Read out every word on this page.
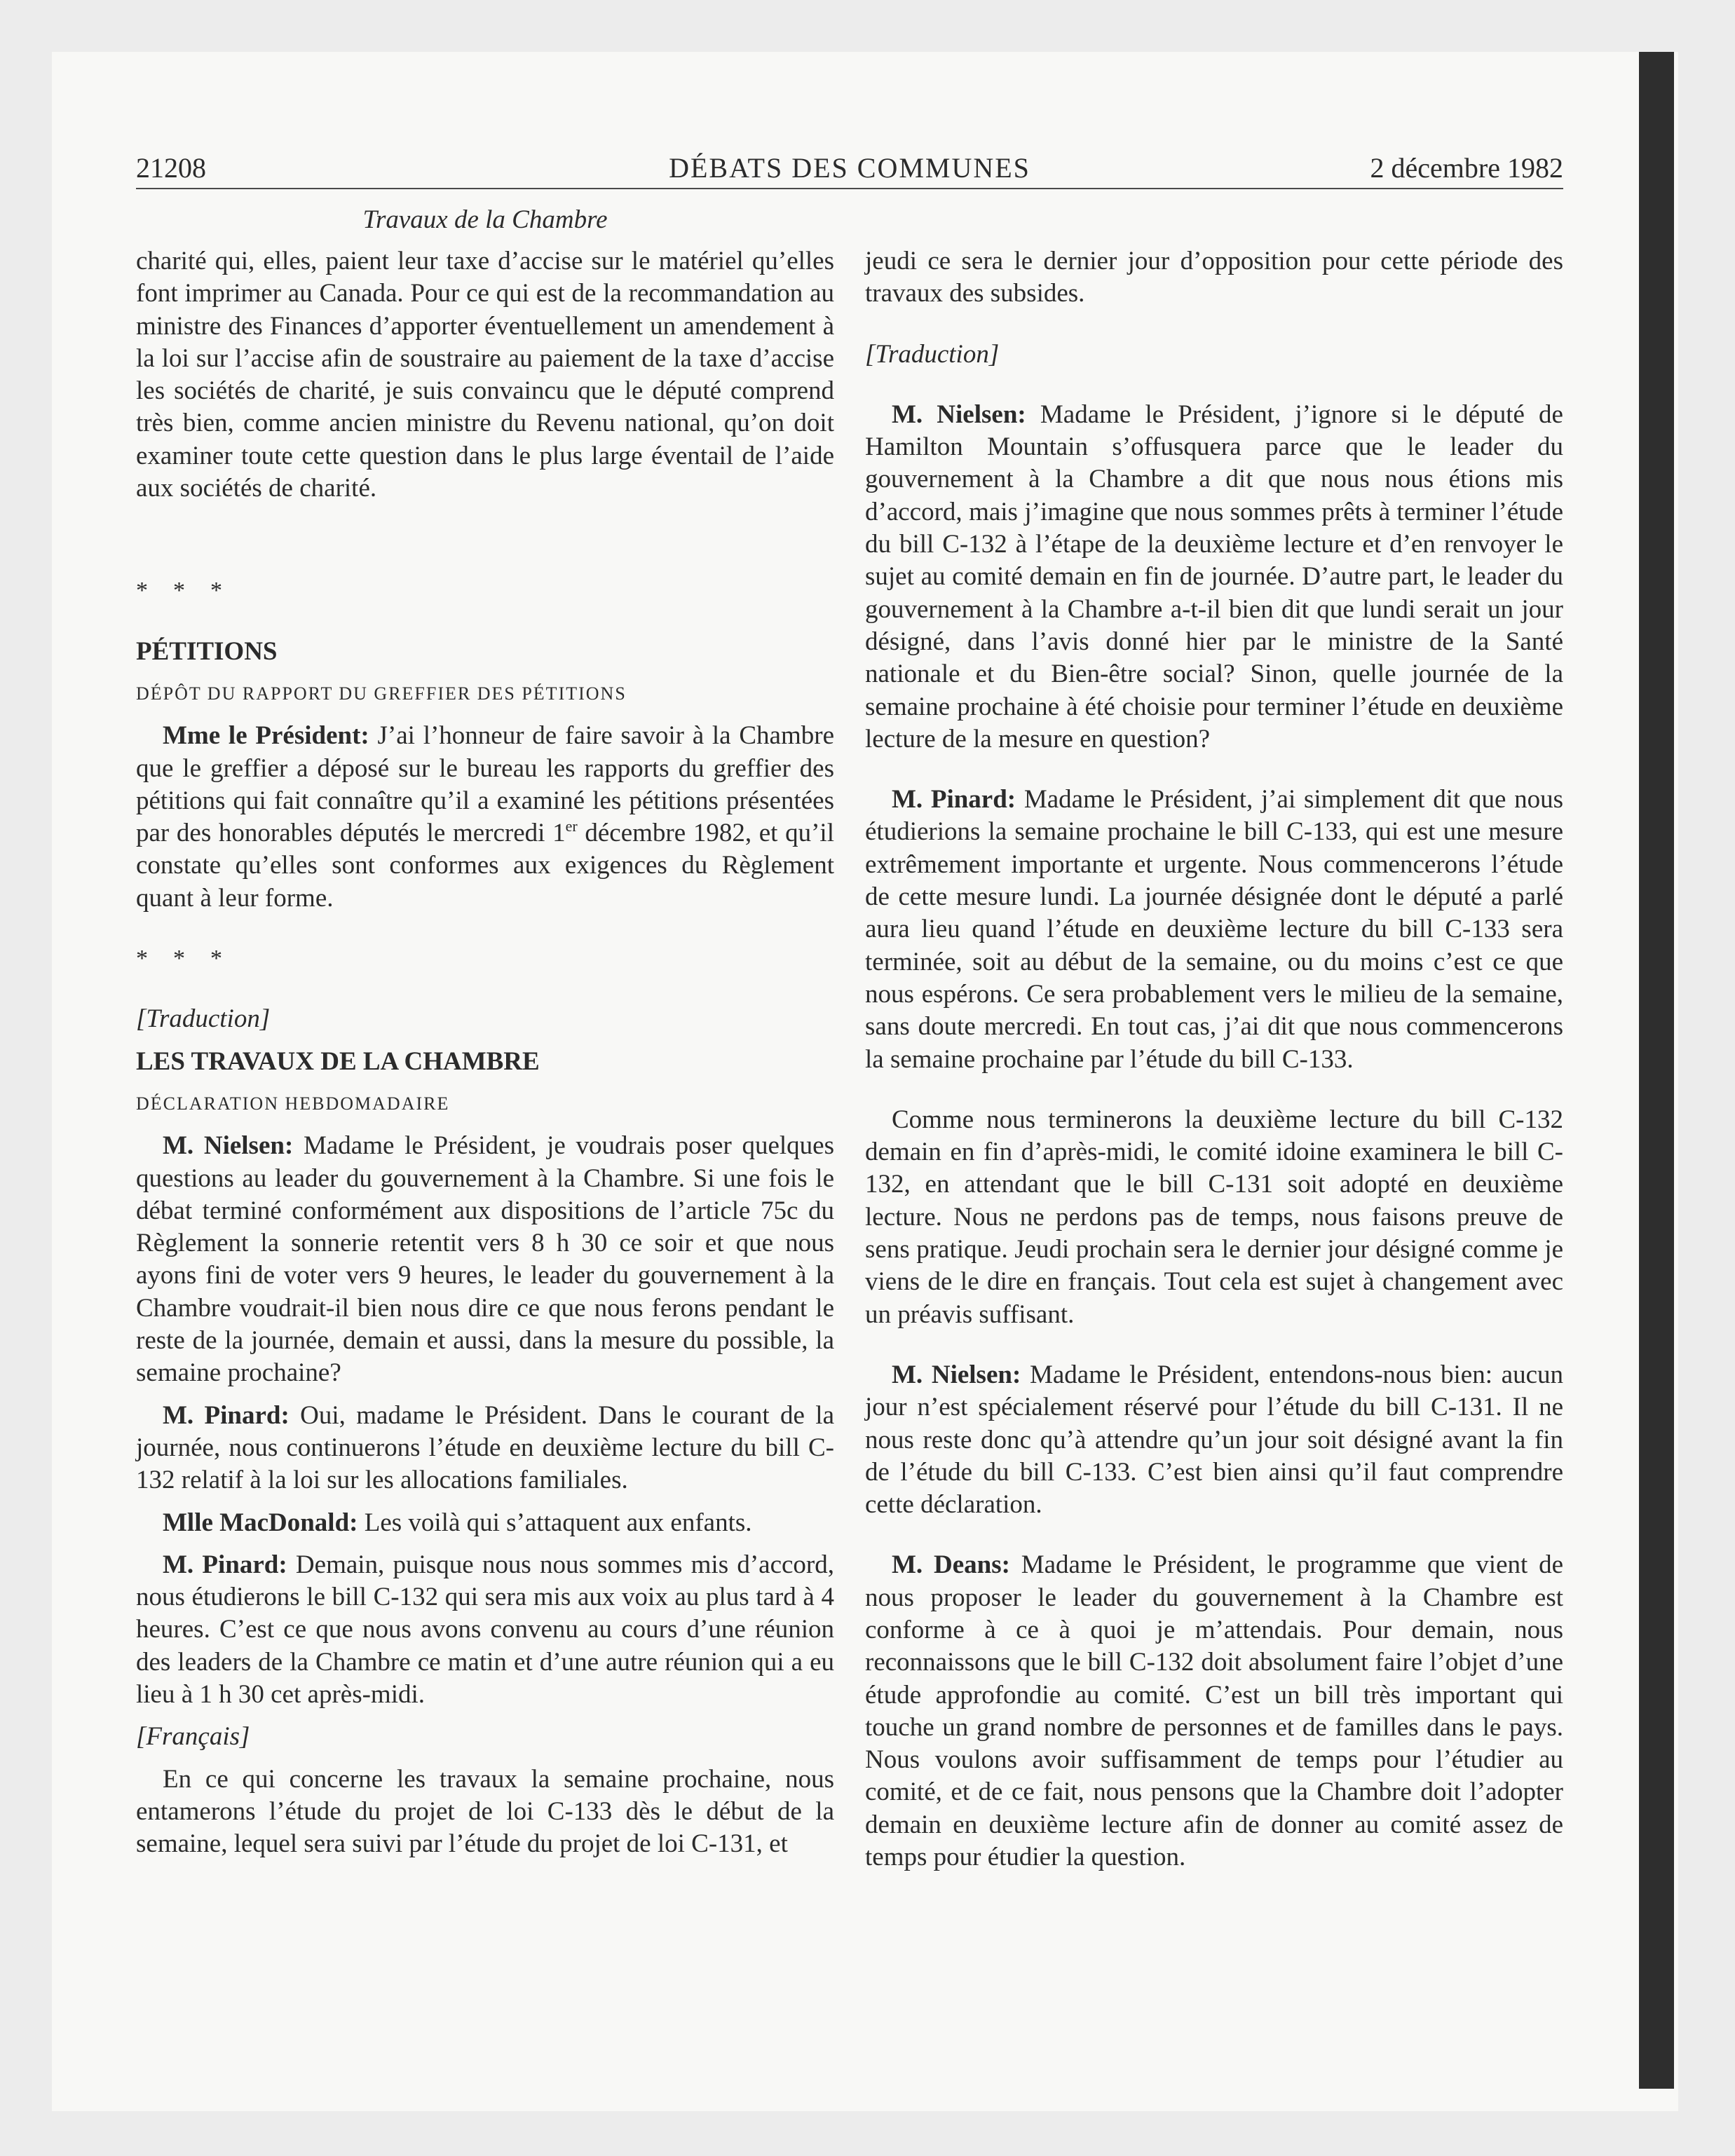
21208	DÉBATS DES COMMUNES	2 décembre 1982
Travaux de la Chambre

charité qui, elles, paient leur taxe d’accise sur le matériel qu’elles font imprimer au Canada. Pour ce qui est de la recommandation au ministre des Finances d’apporter éventuellement un amendement à la loi sur l’accise afin de soustraire au paiement de la taxe d’accise les sociétés de charité, je suis convaincu que le député comprend très bien, comme ancien ministre du Revenu national, qu’on doit examiner toute cette question dans le plus large éventail de l’aide aux sociétés de charité.

***

PÉTITIONS

DÉPÔT DU RAPPORT DU GREFFIER DES PÉTITIONS

Mme le Président: J’ai l’honneur de faire savoir à la Chambre que le greffier a déposé sur le bureau les rapports du greffier des pétitions qui fait connaître qu’il a examiné les pétitions présentées par des honorables députés le mercredi 1er décembre 1982, et qu’il constate qu’elles sont conformes aux exigences du Règlement quant à leur forme.

***

[Traduction]

LES TRAVAUX DE LA CHAMBRE

DÉCLARATION HEBDOMADAIRE

M. Nielsen: Madame le Président, je voudrais poser quelques questions au leader du gouvernement à la Chambre. Si une fois le débat terminé conformément aux dispositions de l’article 75c du Règlement la sonnerie retentit vers 8 h 30 ce soir et que nous ayons fini de voter vers 9 heures, le leader du gouvernement à la Chambre voudrait-il bien nous dire ce que nous ferons pendant le reste de la journée, demain et aussi, dans la mesure du possible, la semaine prochaine?

M. Pinard: Oui, madame le Président. Dans le courant de la journée, nous continuerons l’étude en deuxième lecture du bill C-132 relatif à la loi sur les allocations familiales.

Mlle MacDonald: Les voilà qui s’attaquent aux enfants.

M. Pinard: Demain, puisque nous nous sommes mis d’accord, nous étudierons le bill C-132 qui sera mis aux voix au plus tard à 4 heures. C’est ce que nous avons convenu au cours d’une réunion des leaders de la Chambre ce matin et d’une autre réunion qui a eu lieu à 1 h 30 cet après-midi.

[Français]

En ce qui concerne les travaux la semaine prochaine, nous entamerons l’étude du projet de loi C-133 dès le début de la semaine, lequel sera suivi par l’étude du projet de loi C-131, et

jeudi ce sera le dernier jour d’opposition pour cette période des travaux des subsides.

[Traduction]

M. Nielsen: Madame le Président, j’ignore si le député de Hamilton Mountain s’offusquera parce que le leader du gouvernement à la Chambre a dit que nous nous étions mis d’accord, mais j’imagine que nous sommes prêts à terminer l’étude du bill C-132 à l’étape de la deuxième lecture et d’en renvoyer le sujet au comité demain en fin de journée. D’autre part, le leader du gouvernement à la Chambre a-t-il bien dit que lundi serait un jour désigné, dans l’avis donné hier par le ministre de la Santé nationale et du Bien-être social? Sinon, quelle journée de la semaine prochaine à été choisie pour terminer l’étude en deuxième lecture de la mesure en question?

M. Pinard: Madame le Président, j’ai simplement dit que nous étudierions la semaine prochaine le bill C-133, qui est une mesure extrêmement importante et urgente. Nous commencerons l’étude de cette mesure lundi. La journée désignée dont le député a parlé aura lieu quand l’étude en deuxième lecture du bill C-133 sera terminée, soit au début de la semaine, ou du moins c’est ce que nous espérons. Ce sera probablement vers le milieu de la semaine, sans doute mercredi. En tout cas, j’ai dit que nous commencerons la semaine prochaine par l’étude du bill C-133.

Comme nous terminerons la deuxième lecture du bill C-132 demain en fin d’après-midi, le comité idoine examinera le bill C-132, en attendant que le bill C-131 soit adopté en deuxième lecture. Nous ne perdons pas de temps, nous faisons preuve de sens pratique. Jeudi prochain sera le dernier jour désigné comme je viens de le dire en français. Tout cela est sujet à changement avec un préavis suffisant.

M. Nielsen: Madame le Président, entendons-nous bien: aucun jour n’est spécialement réservé pour l’étude du bill C-131. Il ne nous reste donc qu’à attendre qu’un jour soit désigné avant la fin de l’étude du bill C-133. C’est bien ainsi qu’il faut comprendre cette déclaration.

M. Deans: Madame le Président, le programme que vient de nous proposer le leader du gouvernement à la Chambre est conforme à ce à quoi je m’attendais. Pour demain, nous reconnaissons que le bill C-132 doit absolument faire l’objet d’une étude approfondie au comité. C’est un bill très important qui touche un grand nombre de personnes et de familles dans le pays. Nous voulons avoir suffisamment de temps pour l’étudier au comité, et de ce fait, nous pensons que la Chambre doit l’adopter demain en deuxième lecture afin de donner au comité assez de temps pour étudier la question.
